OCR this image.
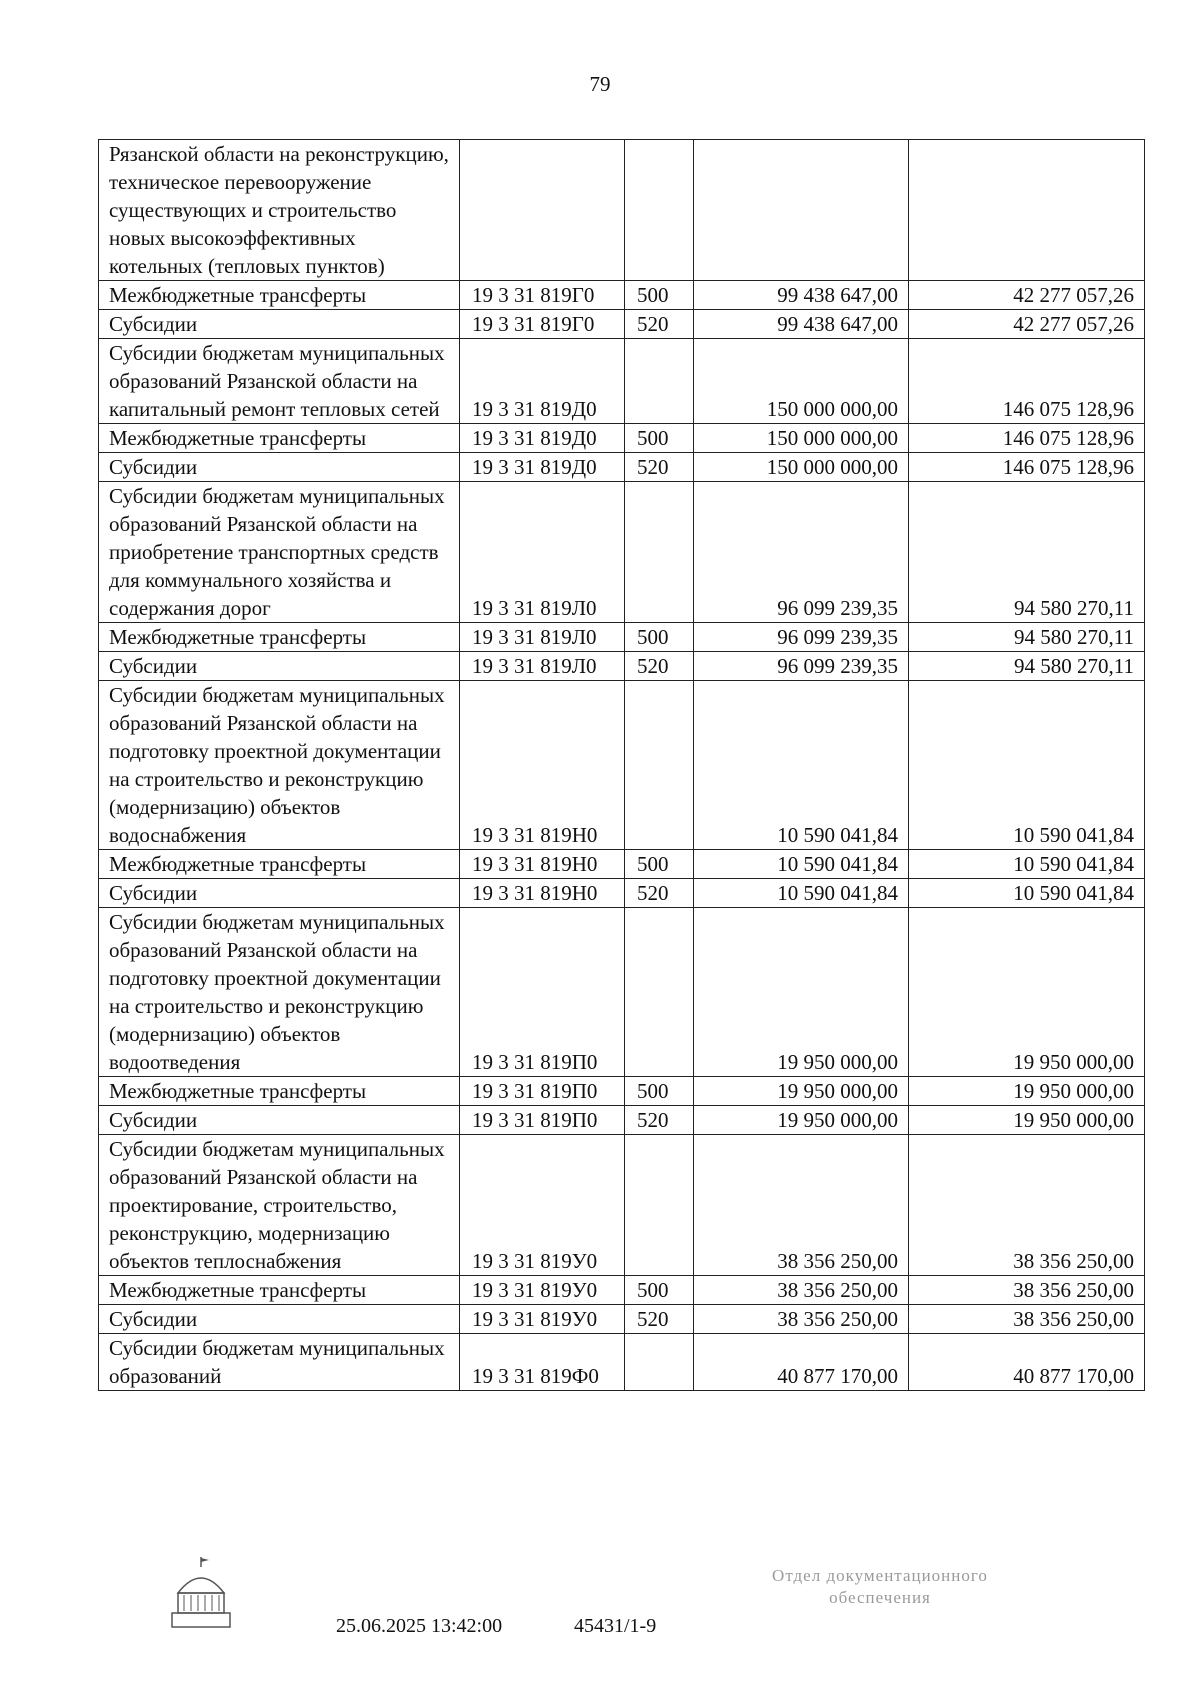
79
Рязанской области на реконструкцию, техническое перевооружение существующих и строительство новых высокоэффективных котельных (тепловых пунктов)				
Межбюджетные трансферты	19 3 31 819Г0	500	99 438 647,00	42 277 057,26
Субсидии	19 3 31 819Г0	520	99 438 647,00	42 277 057,26
Субсидии бюджетам муниципальных образований Рязанской области на капитальный ремонт тепловых сетей	19 3 31 819Д0		150 000 000,00	146 075 128,96
Межбюджетные трансферты	19 3 31 819Д0	500	150 000 000,00	146 075 128,96
Субсидии	19 3 31 819Д0	520	150 000 000,00	146 075 128,96
Субсидии бюджетам муниципальных образований Рязанской области на приобретение транспортных средств для коммунального хозяйства и содержания дорог	19 3 31 819Л0		96 099 239,35	94 580 270,11
Межбюджетные трансферты	19 3 31 819Л0	500	96 099 239,35	94 580 270,11
Субсидии	19 3 31 819Л0	520	96 099 239,35	94 580 270,11
Субсидии бюджетам муниципальных образований Рязанской области на подготовку проектной документации на строительство и реконструкцию (модернизацию) объектов водоснабжения	19 3 31 819Н0		10 590 041,84	10 590 041,84
Межбюджетные трансферты	19 3 31 819Н0	500	10 590 041,84	10 590 041,84
Субсидии	19 3 31 819Н0	520	10 590 041,84	10 590 041,84
Субсидии бюджетам муниципальных образований Рязанской области на подготовку проектной документации на строительство и реконструкцию (модернизацию) объектов водоотведения	19 3 31 819П0		19 950 000,00	19 950 000,00
Межбюджетные трансферты	19 3 31 819П0	500	19 950 000,00	19 950 000,00
Субсидии	19 3 31 819П0	520	19 950 000,00	19 950 000,00
Субсидии бюджетам муниципальных образований Рязанской области на проектирование, строительство, реконструкцию, модернизацию объектов теплоснабжения	19 3 31 819У0		38 356 250,00	38 356 250,00
Межбюджетные трансферты	19 3 31 819У0	500	38 356 250,00	38 356 250,00
Субсидии	19 3 31 819У0	520	38 356 250,00	38 356 250,00
Субсидии бюджетам муниципальных образований	19 3 31 819Ф0		40 877 170,00	40 877 170,00
25.06.2025 13:42:00	45431/1-9
Отдел документационного
обеспечения
